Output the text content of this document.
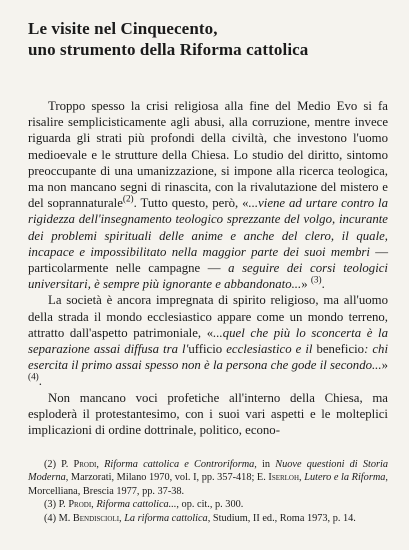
Le visite nel Cinquecento,
uno strumento della Riforma cattolica

Troppo spesso la crisi religiosa alla fine del Medio Evo si fa risalire semplicisticamente agli abusi, alla corruzione, mentre invece riguarda gli strati più profondi della civiltà, che investono l'uomo medioevale e le strutture della Chiesa. Lo studio del diritto, sintomo preoccupante di una umanizzazione, si impone alla ricerca teologica, ma non mancano segni di rinascita, con la rivalutazione del mistero e del soprannaturale$^{(2)}$. Tutto questo, però, «...viene ad urtare contro la rigidezza dell'insegnamento teologico sprezzante del volgo, incurante dei problemi spirituali delle anime e anche del clero, il quale, incapace e impossibilitato nella maggior parte dei suoi membri — particolarmente nelle campagne — a seguire dei corsi teologici universitari, è sempre più ignorante e abbandonato...» $^{(3)}$.

La società è ancora impregnata di spirito religioso, ma all'uomo della strada il mondo ecclesiastico appare come un mondo terreno, attratto dall'aspetto patrimoniale, «...quel che più lo sconcerta è la separazione assai diffusa tra l'ufficio ecclesiastico e il beneficio: chi esercita il primo assai spesso non è la persona che gode il secondo...» $^{(4)}$.

Non mancano voci profetiche all'interno della Chiesa, ma esploderà il protestantesimo, con i suoi vari aspetti e le molteplici implicazioni di ordine dottrinale, politico, econo-

(2) P. Prodi, Riforma cattolica e Controriforma, in Nuove questioni di Storia Moderna, Marzorati, Milano 1970, vol. I, pp. 357-418; E. Iserloh, Lutero e la Riforma, Morcelliana, Brescia 1977, pp. 37-38.

(3) P. Prodi, Riforma cattolica..., op. cit., p. 300.

(4) M. Bendiscioli, La riforma cattolica, Studium, II ed., Roma 1973, p. 14.
